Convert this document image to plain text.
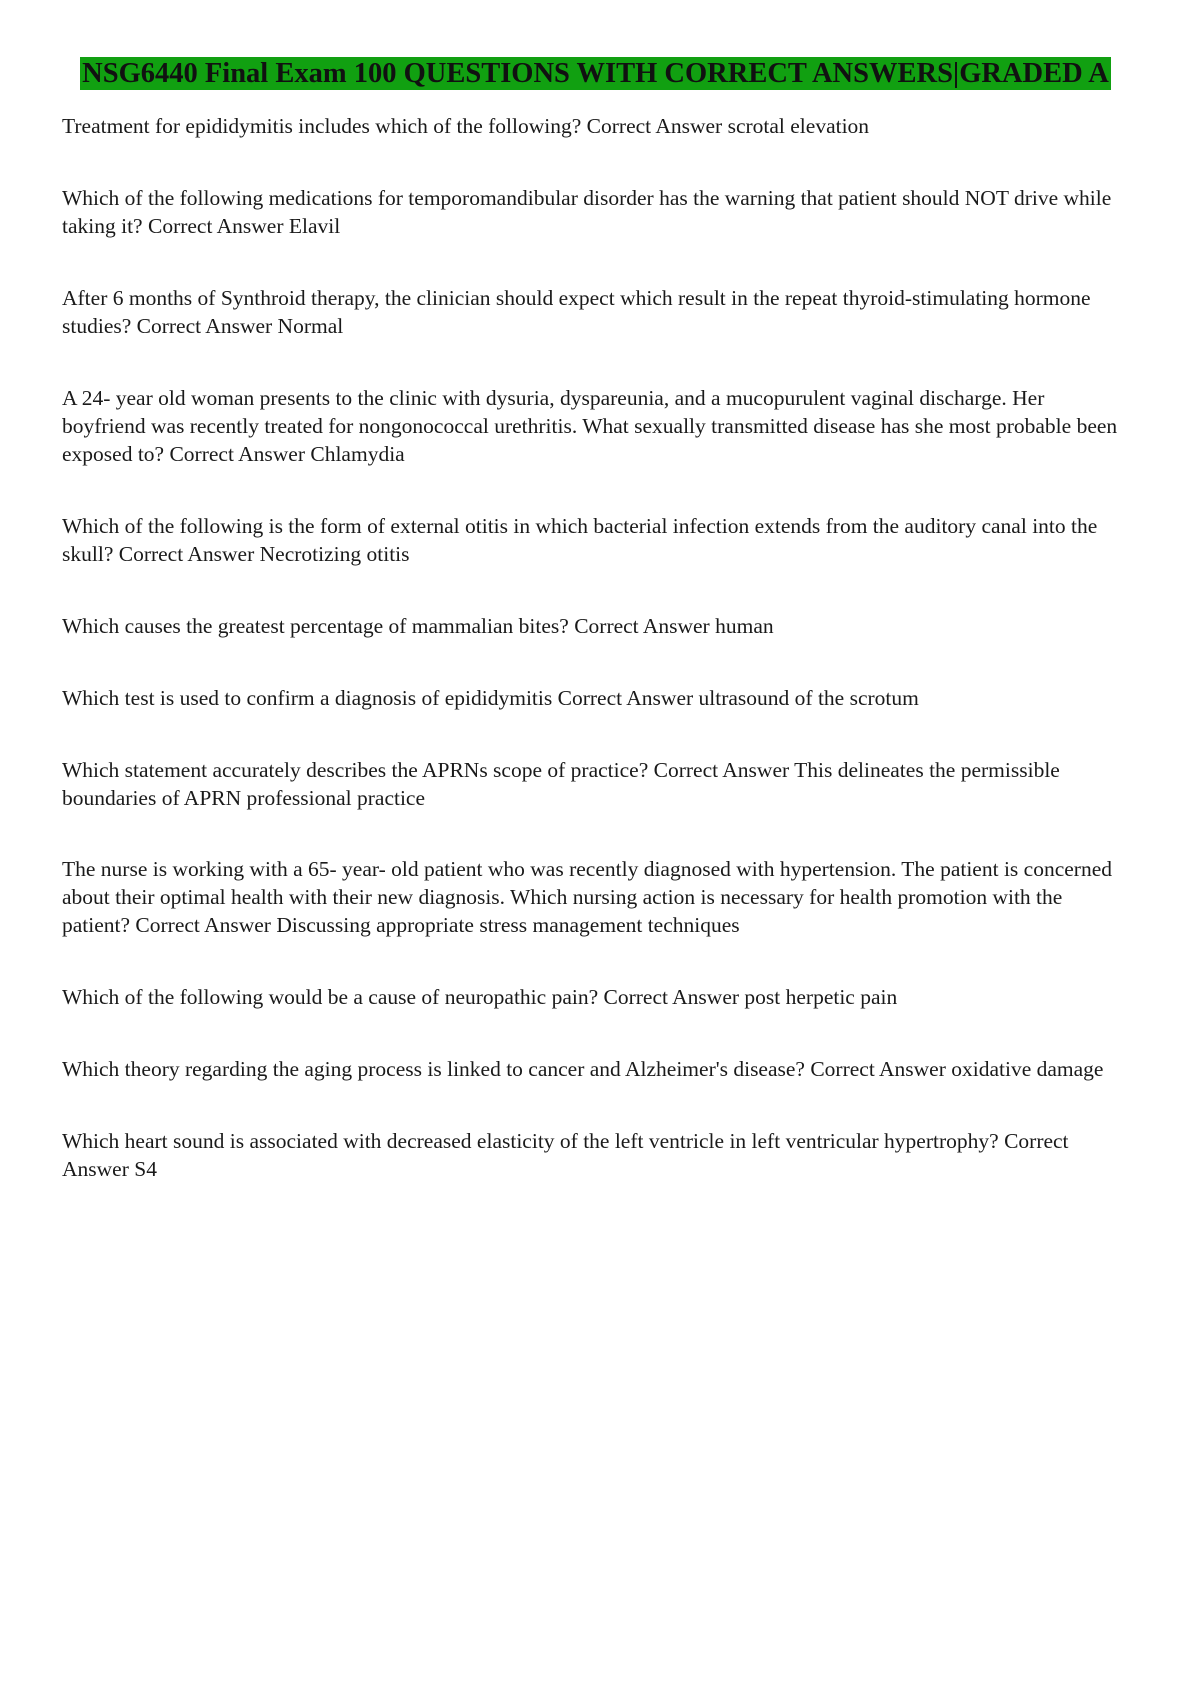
NSG6440 Final Exam 100 QUESTIONS WITH CORRECT ANSWERS|GRADED A

Treatment for epididymitis includes which of the following? Correct Answer scrotal elevation

Which of the following medications for temporomandibular disorder has the warning that patient should NOT drive while taking it? Correct Answer Elavil

After 6 months of Synthroid therapy, the clinician should expect which result in the repeat thyroid-stimulating hormone studies? Correct Answer Normal

A 24- year old woman presents to the clinic with dysuria, dyspareunia, and a mucopurulent vaginal discharge. Her boyfriend was recently treated for nongonococcal urethritis. What sexually transmitted disease has she most probable been exposed to? Correct Answer Chlamydia

Which of the following is the form of external otitis in which bacterial infection extends from the auditory canal into the skull? Correct Answer Necrotizing otitis

Which causes the greatest percentage of mammalian bites? Correct Answer human

Which test is used to confirm a diagnosis of epididymitis Correct Answer ultrasound of the scrotum

Which statement accurately describes the APRNs scope of practice? Correct Answer This delineates the permissible boundaries of APRN professional practice

The nurse is working with a 65- year- old patient who was recently diagnosed with hypertension. The patient is concerned about their optimal health with their new diagnosis. Which nursing action is necessary for health promotion with the patient? Correct Answer Discussing appropriate stress management techniques

Which of the following would be a cause of neuropathic pain? Correct Answer post herpetic pain

Which theory regarding the aging process is linked to cancer and Alzheimer's disease? Correct Answer oxidative damage

Which heart sound is associated with decreased elasticity of the left ventricle in left ventricular hypertrophy? Correct Answer S4
